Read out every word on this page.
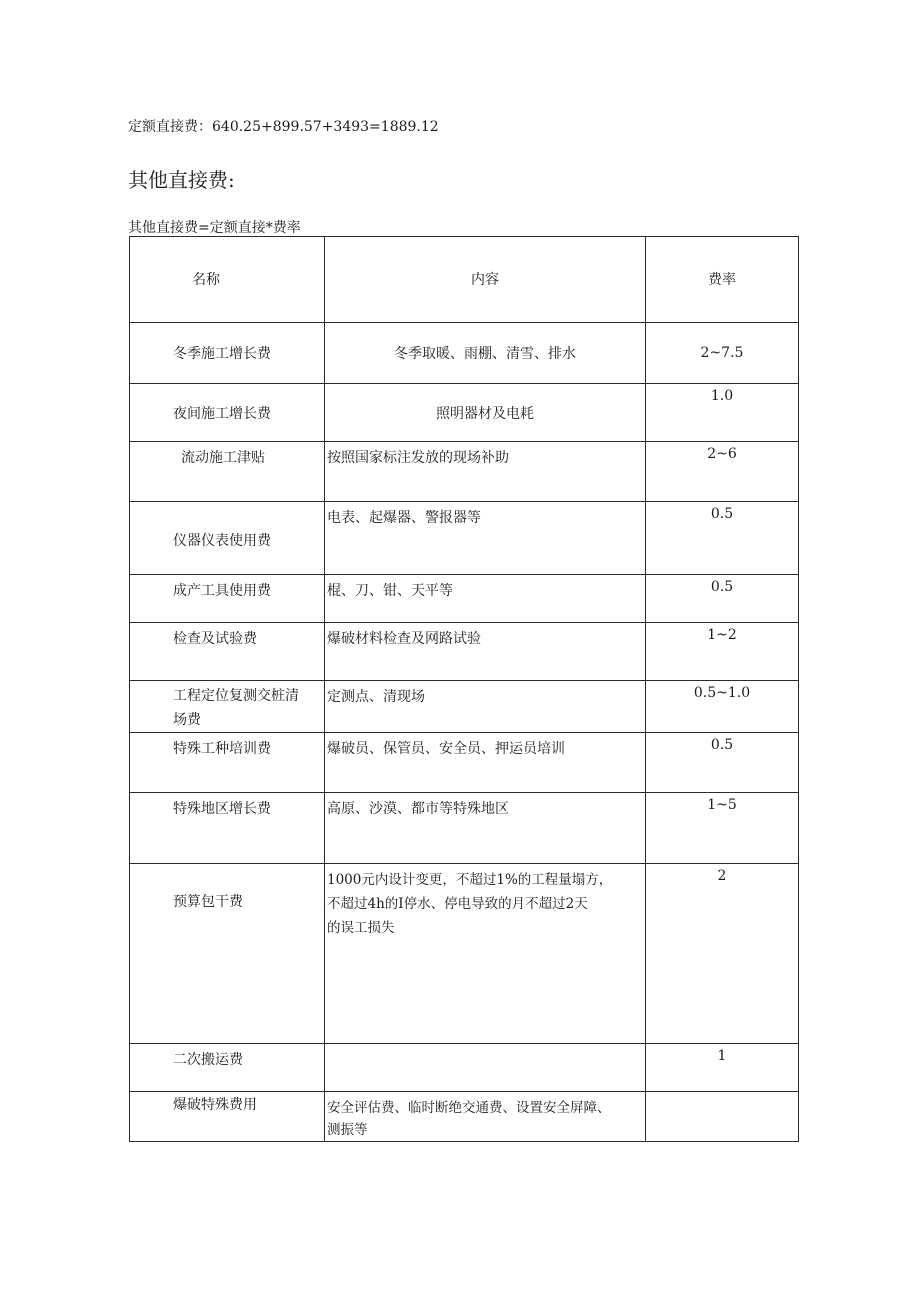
定额直接费：640.25+899.57+3493=1889.12
其他直接费:
其他直接费=定额直接*费率
名称	内容	费率

冬季施工增长费	冬季取暖、雨棚、清雪、排水	2~7.5

夜间施工增长费	照明器材及电耗	1.0

流动施工津贴	按照国家标注发放的现场补助	2~6

仪器仪表使用费	电表、起爆器、警报器等	0.5

成产工具使用费	棍、刀、钳、天平等	0.5

检查及试验费	爆破材料检查及网路试验	1~2

工程定位复测交桩清
场费	定测点、清现场	0.5~1.0

特殊工种培训费	爆破员、保管员、安全员、押运员培训	0.5

特殊地区增长费	高原、沙漠、都市等特殊地区	1~5

预算包干费	1000元内设计变更，不超过1%的工程量塌方，
不超过4h的Ⅰ停水、停电导致的月不超过2天
的误工损失	2

二次搬运费		1

爆破特殊费用	安全评估费、临时断绝交通费、设置安全屏障、
测振等	
